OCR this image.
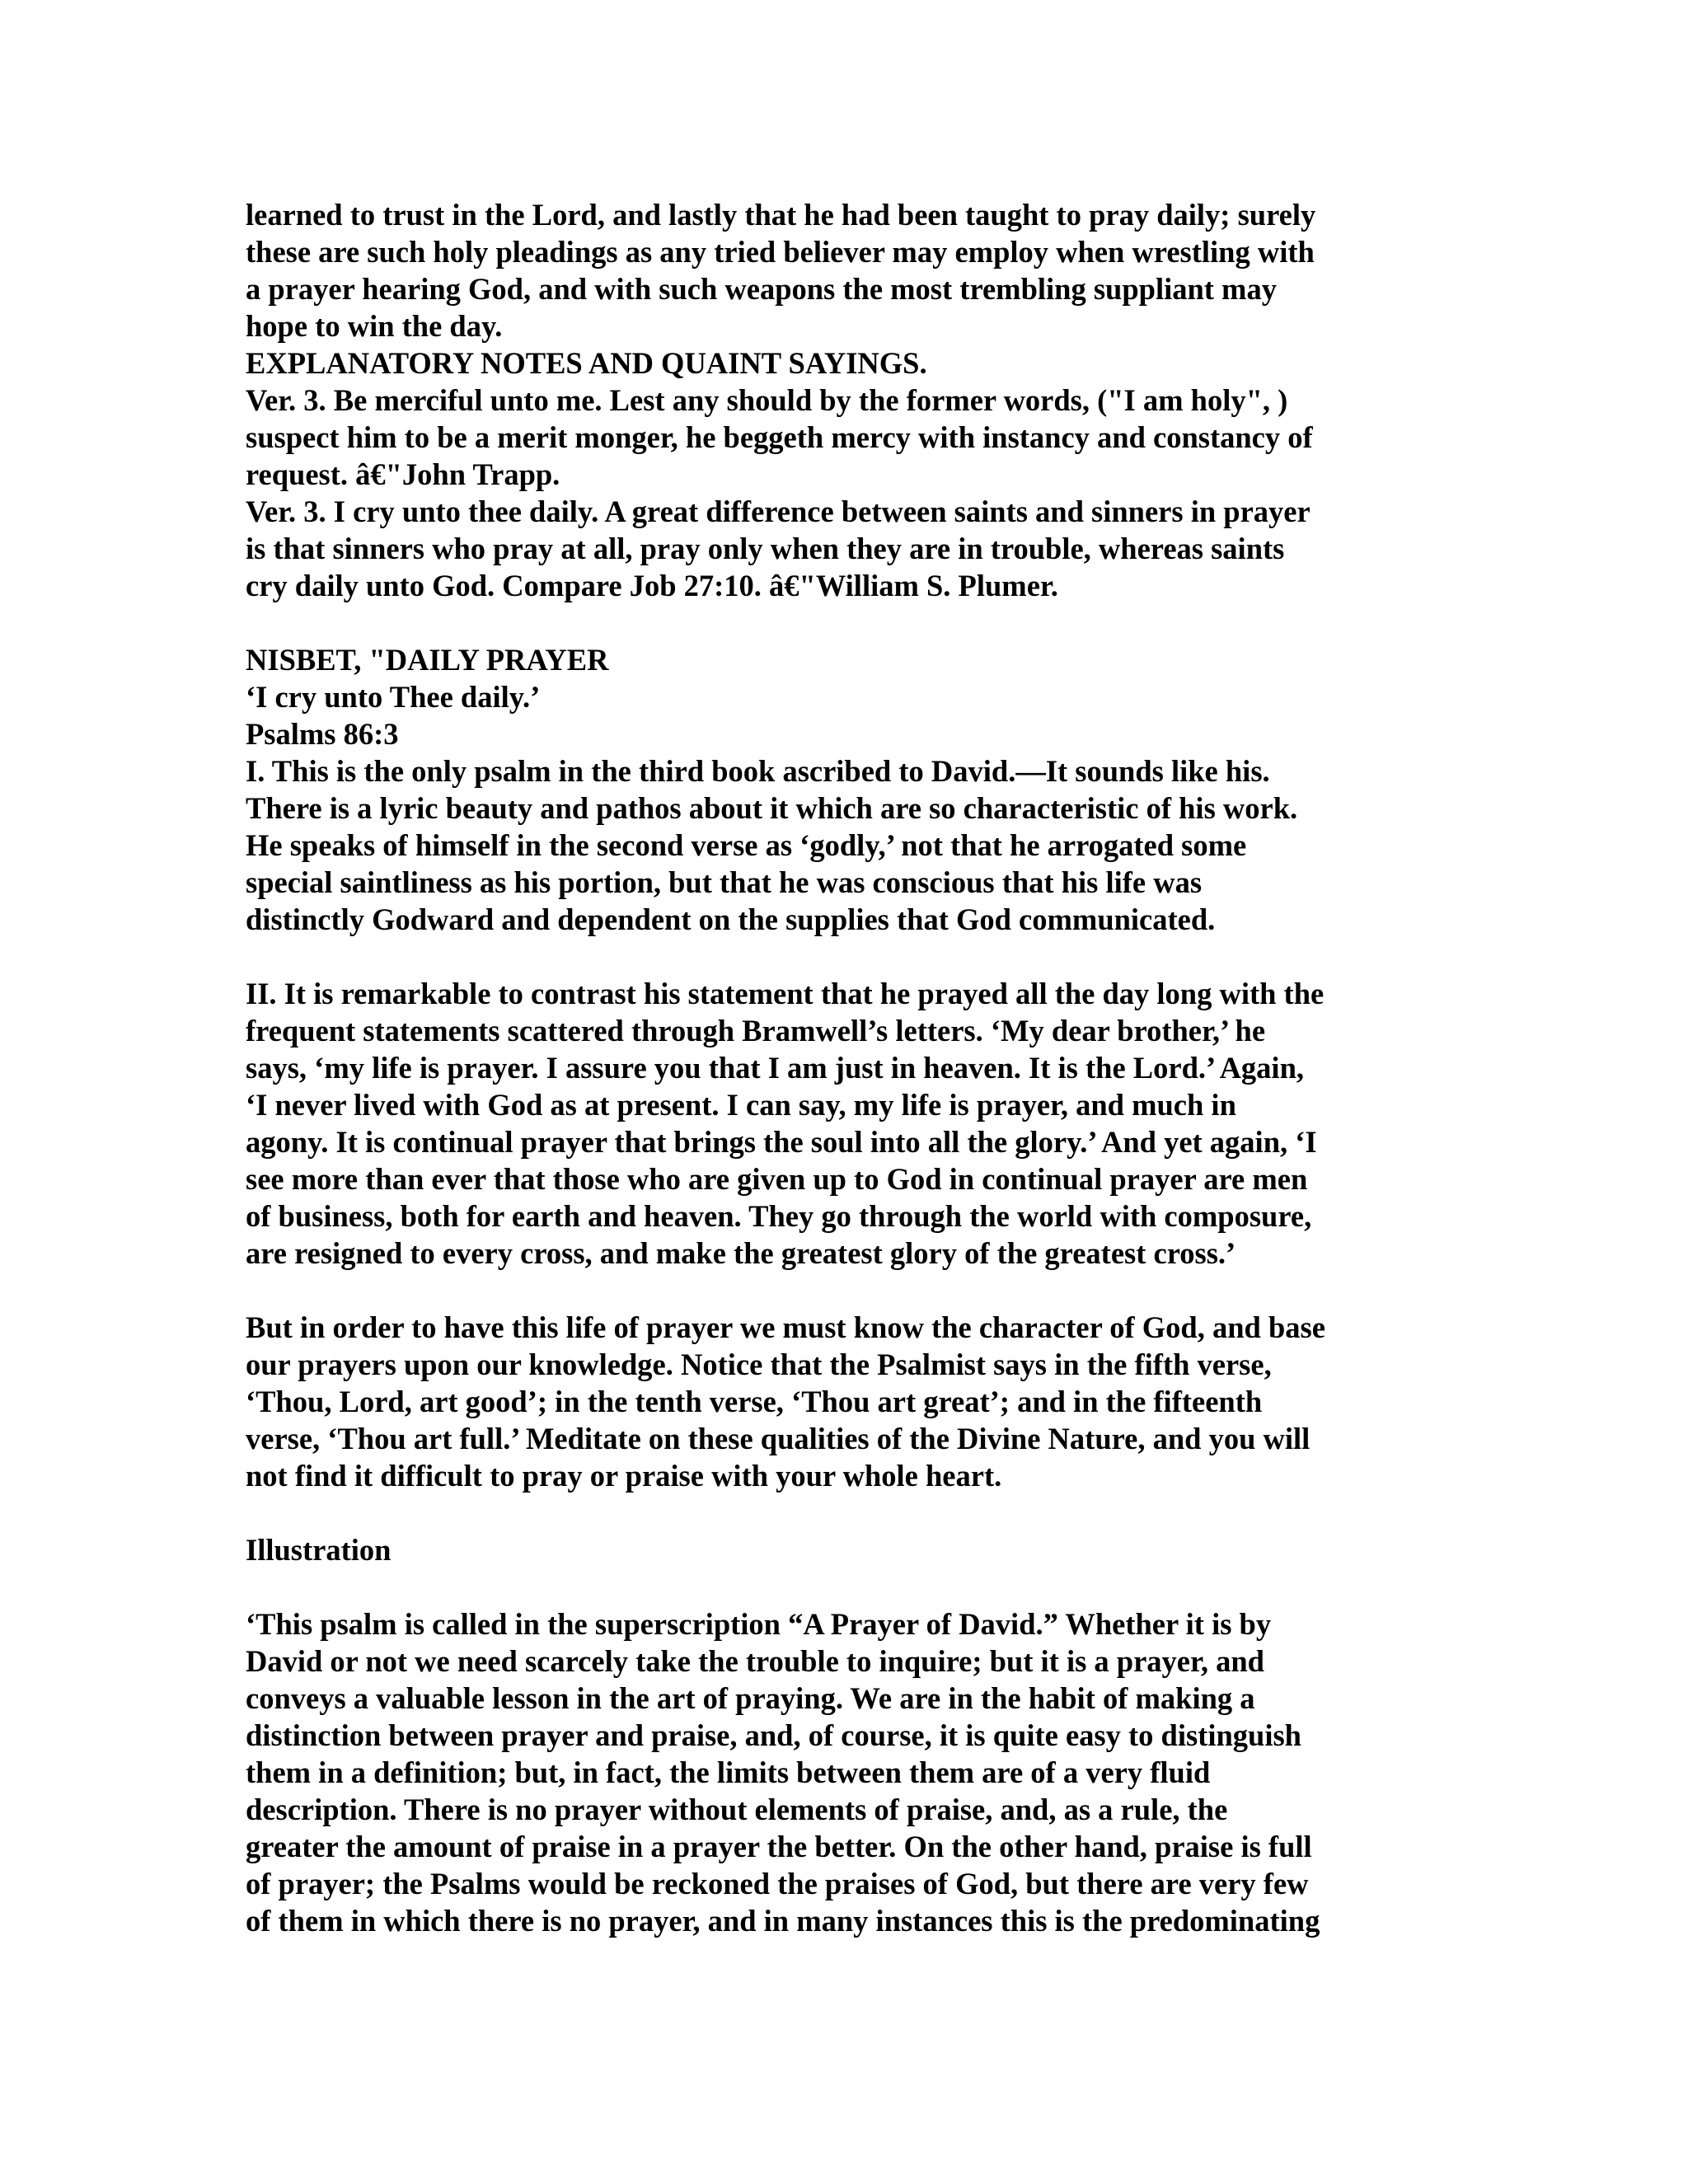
learned to trust in the Lord, and lastly that he had been taught to pray daily; surely
these are such holy pleadings as any tried believer may employ when wrestling with
a prayer hearing God, and with such weapons the most trembling suppliant may
hope to win the day.
EXPLANATORY NOTES AND QUAINT SAYINGS.
Ver. 3. Be merciful unto me. Lest any should by the former words, ("I am holy", )
suspect him to be a merit monger, he beggeth mercy with instancy and constancy of
request. â€"John Trapp.
Ver. 3. I cry unto thee daily. A great difference between saints and sinners in prayer
is that sinners who pray at all, pray only when they are in trouble, whereas saints
cry daily unto God. Compare Job 27:10. â€"William S. Plumer.
NISBET, "DAILY PRAYER
‘I cry unto Thee daily.’
Psalms 86:3
I. This is the only psalm in the third book ascribed to David.—It sounds like his.
There is a lyric beauty and pathos about it which are so characteristic of his work.
He speaks of himself in the second verse as ‘godly,’ not that he arrogated some
special saintliness as his portion, but that he was conscious that his life was
distinctly Godward and dependent on the supplies that God communicated.
II. It is remarkable to contrast his statement that he prayed all the day long with the
frequent statements scattered through Bramwell’s letters. ‘My dear brother,’ he
says, ‘my life is prayer. I assure you that I am just in heaven. It is the Lord.’ Again,
‘I never lived with God as at present. I can say, my life is prayer, and much in
agony. It is continual prayer that brings the soul into all the glory.’ And yet again, ‘I
see more than ever that those who are given up to God in continual prayer are men
of business, both for earth and heaven. They go through the world with composure,
are resigned to every cross, and make the greatest glory of the greatest cross.’
But in order to have this life of prayer we must know the character of God, and base
our prayers upon our knowledge. Notice that the Psalmist says in the fifth verse,
‘Thou, Lord, art good’; in the tenth verse, ‘Thou art great’; and in the fifteenth
verse, ‘Thou art full.’ Meditate on these qualities of the Divine Nature, and you will
not find it difficult to pray or praise with your whole heart.
Illustration
‘This psalm is called in the superscription “A Prayer of David.” Whether it is by
David or not we need scarcely take the trouble to inquire; but it is a prayer, and
conveys a valuable lesson in the art of praying. We are in the habit of making a
distinction between prayer and praise, and, of course, it is quite easy to distinguish
them in a definition; but, in fact, the limits between them are of a very fluid
description. There is no prayer without elements of praise, and, as a rule, the
greater the amount of praise in a prayer the better. On the other hand, praise is full
of prayer; the Psalms would be reckoned the praises of God, but there are very few
of them in which there is no prayer, and in many instances this is the predominating
